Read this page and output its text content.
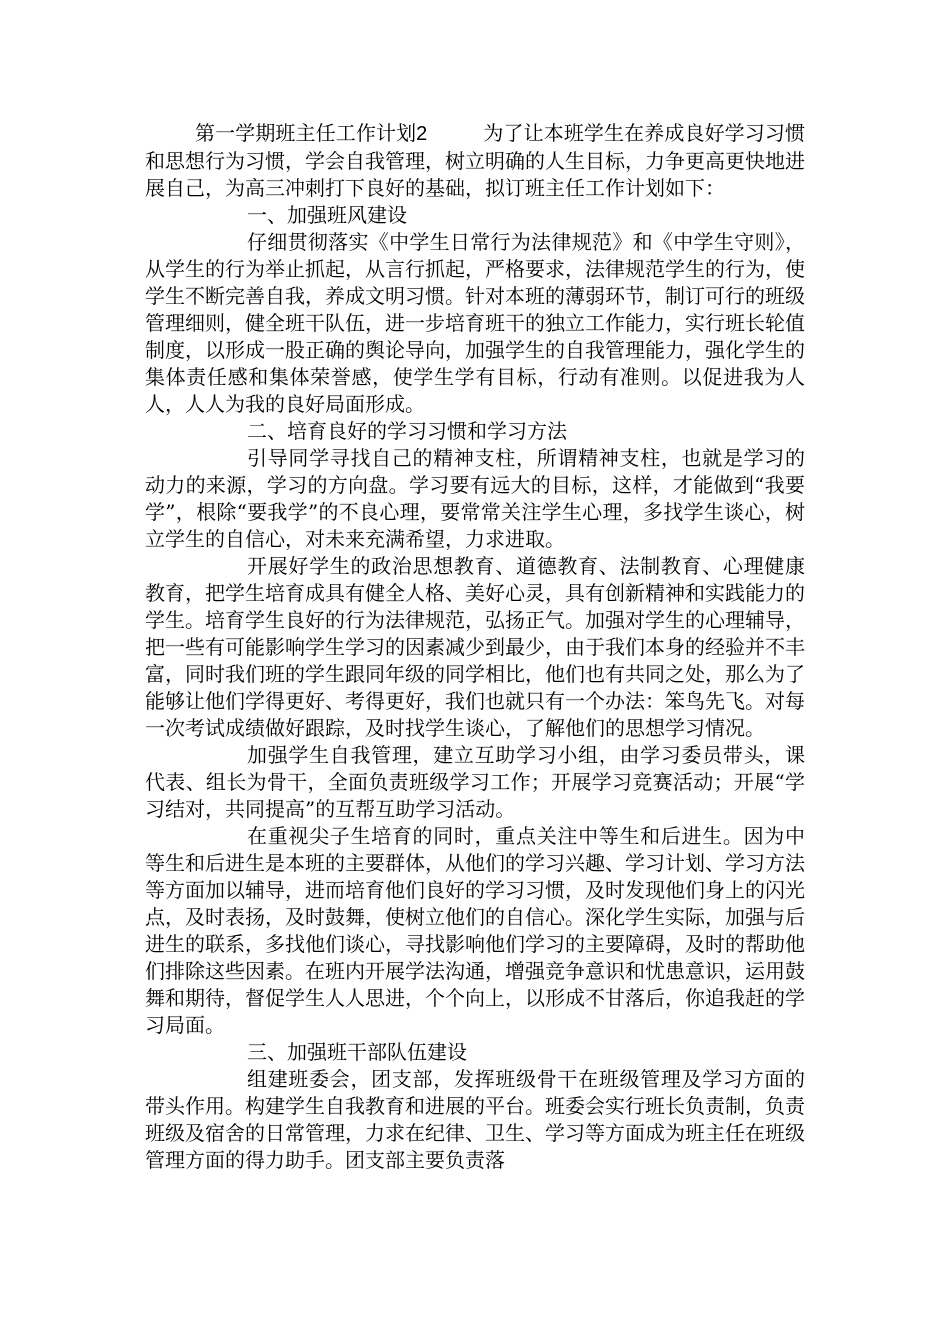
第一学期班主任工作计划2	为了让本班学生在养成良好学习习惯和思想行为习惯，学会自我管理，树立明确的人生目标，力争更高更快地进展自己，为高三冲刺打下良好的基础，拟订班主任工作计划如下：

一、加强班风建设

仔细贯彻落实《中学生日常行为法律规范》和《中学生守则》，从学生的行为举止抓起，从言行抓起，严格要求，法律规范学生的行为，使学生不断完善自我，养成文明习惯。针对本班的薄弱环节，制订可行的班级管理细则，健全班干队伍，进一步培育班干的独立工作能力，实行班长轮值制度，以形成一股正确的舆论导向，加强学生的自我管理能力，强化学生的集体责任感和集体荣誉感，使学生学有目标，行动有准则。以促进我为人人，人人为我的良好局面形成。

二、培育良好的学习习惯和学习方法

引导同学寻找自己的精神支柱，所谓精神支柱，也就是学习的动力的来源，学习的方向盘。学习要有远大的目标，这样，才能做到“我要学”，根除“要我学”的不良心理，要常常关注学生心理，多找学生谈心，树立学生的自信心，对未来充满希望，力求进取。

开展好学生的政治思想教育、道德教育、法制教育、心理健康教育，把学生培育成具有健全人格、美好心灵，具有创新精神和实践能力的学生。培育学生良好的行为法律规范，弘扬正气。加强对学生的心理辅导，把一些有可能影响学生学习的因素减少到最少，由于我们本身的经验并不丰富，同时我们班的学生跟同年级的同学相比，他们也有共同之处，那么为了能够让他们学得更好、考得更好，我们也就只有一个办法：笨鸟先飞。对每一次考试成绩做好跟踪，及时找学生谈心，了解他们的思想学习情况。

加强学生自我管理，建立互助学习小组，由学习委员带头，课代表、组长为骨干，全面负责班级学习工作；开展学习竞赛活动；开展“学习结对，共同提高”的互帮互助学习活动。

在重视尖子生培育的同时，重点关注中等生和后进生。因为中等生和后进生是本班的主要群体，从他们的学习兴趣、学习计划、学习方法等方面加以辅导，进而培育他们良好的学习习惯，及时发现他们身上的闪光点，及时表扬，及时鼓舞，使树立他们的自信心。深化学生实际，加强与后进生的联系，多找他们谈心，寻找影响他们学习的主要障碍，及时的帮助他们排除这些因素。在班内开展学法沟通，增强竞争意识和忧患意识，运用鼓舞和期待，督促学生人人思进，个个向上，以形成不甘落后，你追我赶的学习局面。

三、加强班干部队伍建设

组建班委会，团支部，发挥班级骨干在班级管理及学习方面的带头作用。构建学生自我教育和进展的平台。班委会实行班长负责制，负责班级及宿舍的日常管理，力求在纪律、卫生、学习等方面成为班主任在班级管理方面的得力助手。团支部主要负责落
